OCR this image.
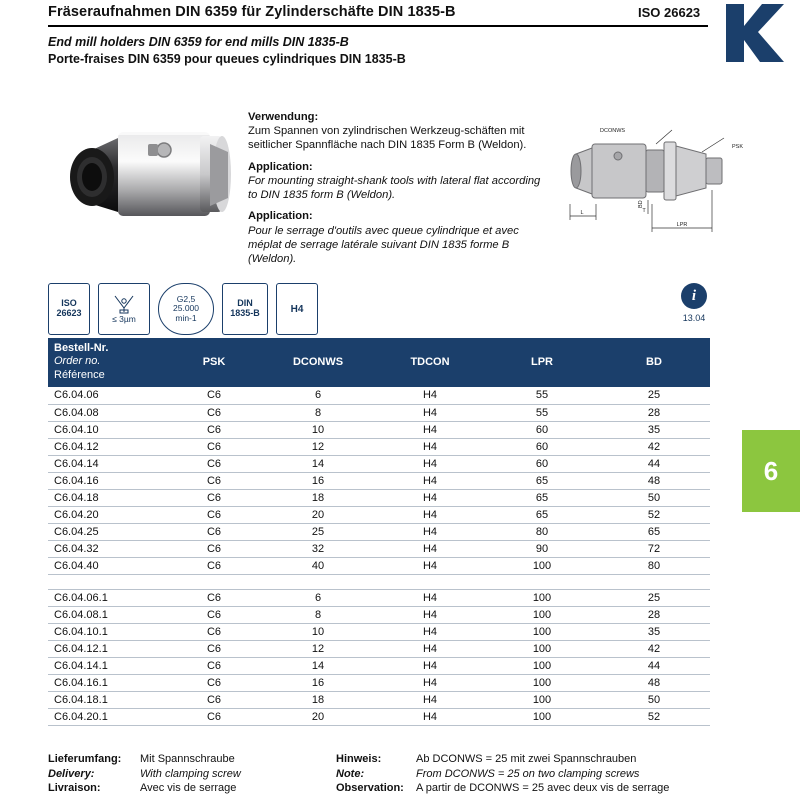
Fräseraufnahmen DIN 6359 für Zylinderschäfte DIN 1835-B	ISO 26623
End mill holders DIN 6359 for end mills DIN 1835-B
Porte-fraises DIN 6359 pour queues cylindriques DIN 1835-B

Verwendung:
Zum Spannen von zylindrischen Werkzeug-schäften mit seitlicher Spannfläche nach DIN 1835 Form B (Weldon).

Application:
For mounting straight-shank tools with lateral flat according to DIN 1835 form B (Weldon).

Application:
Pour le serrage d'outils avec queue cylindrique et avec méplat de serrage latérale suivant DIN 1835 forme B (Weldon).

L
LPR
T
DCONWS
BD
PSK
ISO
26623
≤ 3µm
G2,5
25.000
min-1
DIN
1835-B	H4
i
13.04
Bestell-Nr.
Order no.
Référence	PSK	DCONWS	TDCON	LPR	BD
C6.04.06	C6	6	H4	55	25
C6.04.08	C6	8	H4	55	28
C6.04.10	C6	10	H4	60	35
C6.04.12	C6	12	H4	60	42
C6.04.14	C6	14	H4	60	44
C6.04.16	C6	16	H4	65	48
C6.04.18	C6	18	H4	65	50
C6.04.20	C6	20	H4	65	52
C6.04.25	C6	25	H4	80	65
C6.04.32	C6	32	H4	90	72
C6.04.40	C6	40	H4	100	80

C6.04.06.1	C6	6	H4	100	25
C6.04.08.1	C6	8	H4	100	28
C6.04.10.1	C6	10	H4	100	35
C6.04.12.1	C6	12	H4	100	42
C6.04.14.1	C6	14	H4	100	44
C6.04.16.1	C6	16	H4	100	48
C6.04.18.1	C6	18	H4	100	50
C6.04.20.1	C6	20	H4	100	52
6
Lieferumfang:	Mit Spannschraube
Delivery:	With clamping screw
Livraison:	Avec vis de serrage
Hinweis:	Ab DCONWS = 25 mit zwei Spannschrauben
Note:	From DCONWS = 25 on two clamping screws
Observation:	A partir de DCONWS = 25 avec deux vis de serrage
